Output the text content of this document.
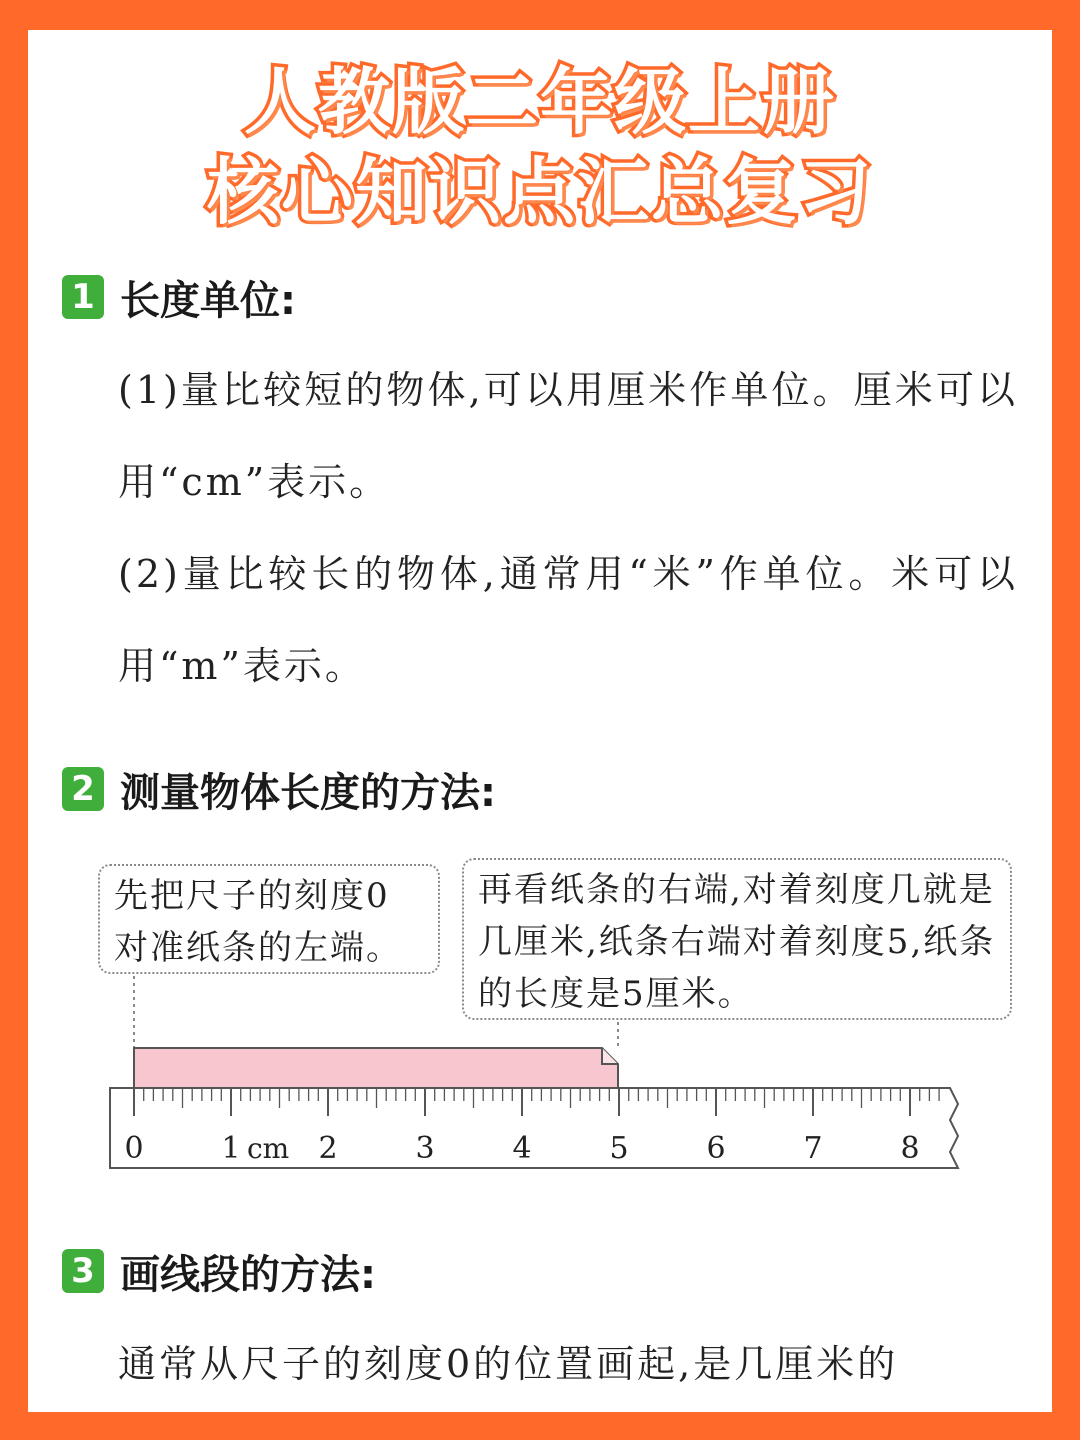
人教版二年级上册
核心知识点汇总复习
1 长度单位:
(1)量比较短的物体,可以用厘米作单位。厘米可以用“cm”表示。
(2)量比较长的物体,通常用“米”作单位。米可以用“m”表示。
2 测量物体长度的方法:
先把尺子的刻度0对准纸条的左端。
再看纸条的右端,对着刻度几就是几厘米,纸条右端对着刻度5,纸条的长度是5厘米。
0	1	2	3	4	5	6	7	8
cm
3 画线段的方法:
通常从尺子的刻度0的位置画起,是几厘米的
